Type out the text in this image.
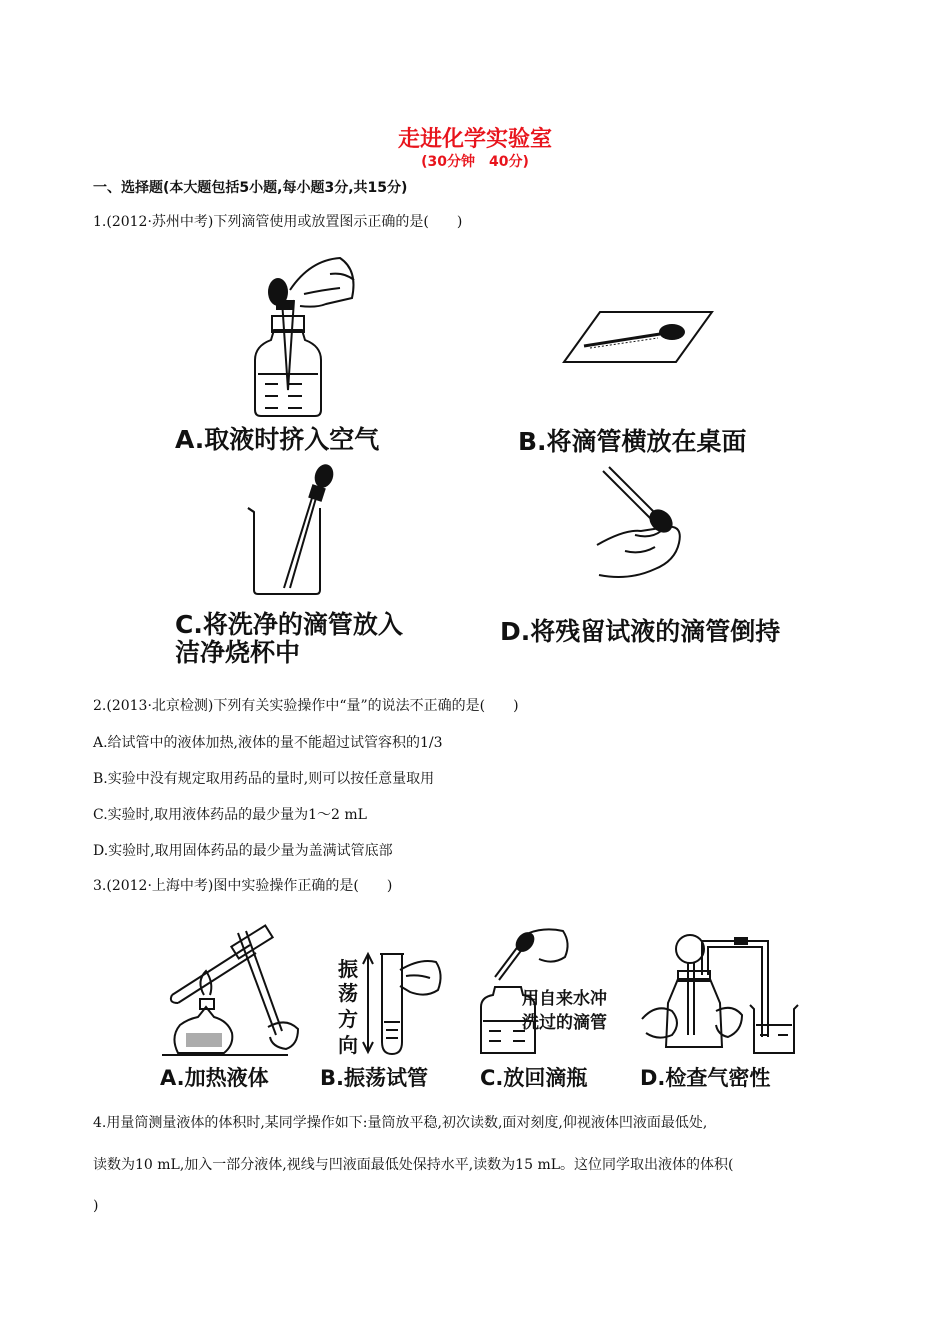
走进化学实验室
(30分钟　40分)
一、选择题(本大题包括5小题,每小题3分,共15分)
1.(2012·苏州中考)下列滴管使用或放置图示正确的是(　　)
A.取液时挤入空气	B.将滴管横放在桌面
C.将洗净的滴管放入
洁净烧杯中
D.将残留试液的滴管倒持
2.(2013·北京检测)下列有关实验操作中“量”的说法不正确的是(　　)
A.给试管中的液体加热,液体的量不能超过试管容积的1/3
B.实验中没有规定取用药品的量时,则可以按任意量取用
C.实验时,取用液体药品的最少量为1～2 mL
D.实验时,取用固体药品的最少量为盖满试管底部
3.(2012·上海中考)图中实验操作正确的是(　　)
A.加热液体
振
荡
方
向
B.振荡试管
用自来水冲
洗过的滴管
C.放回滴瓶	D.检查气密性
4.用量筒测量液体的体积时,某同学操作如下:量筒放平稳,初次读数,面对刻度,仰视液体凹液面最低处,
读数为10 mL,加入一部分液体,视线与凹液面最低处保持水平,读数为15 mL。这位同学取出液体的体积(
)
